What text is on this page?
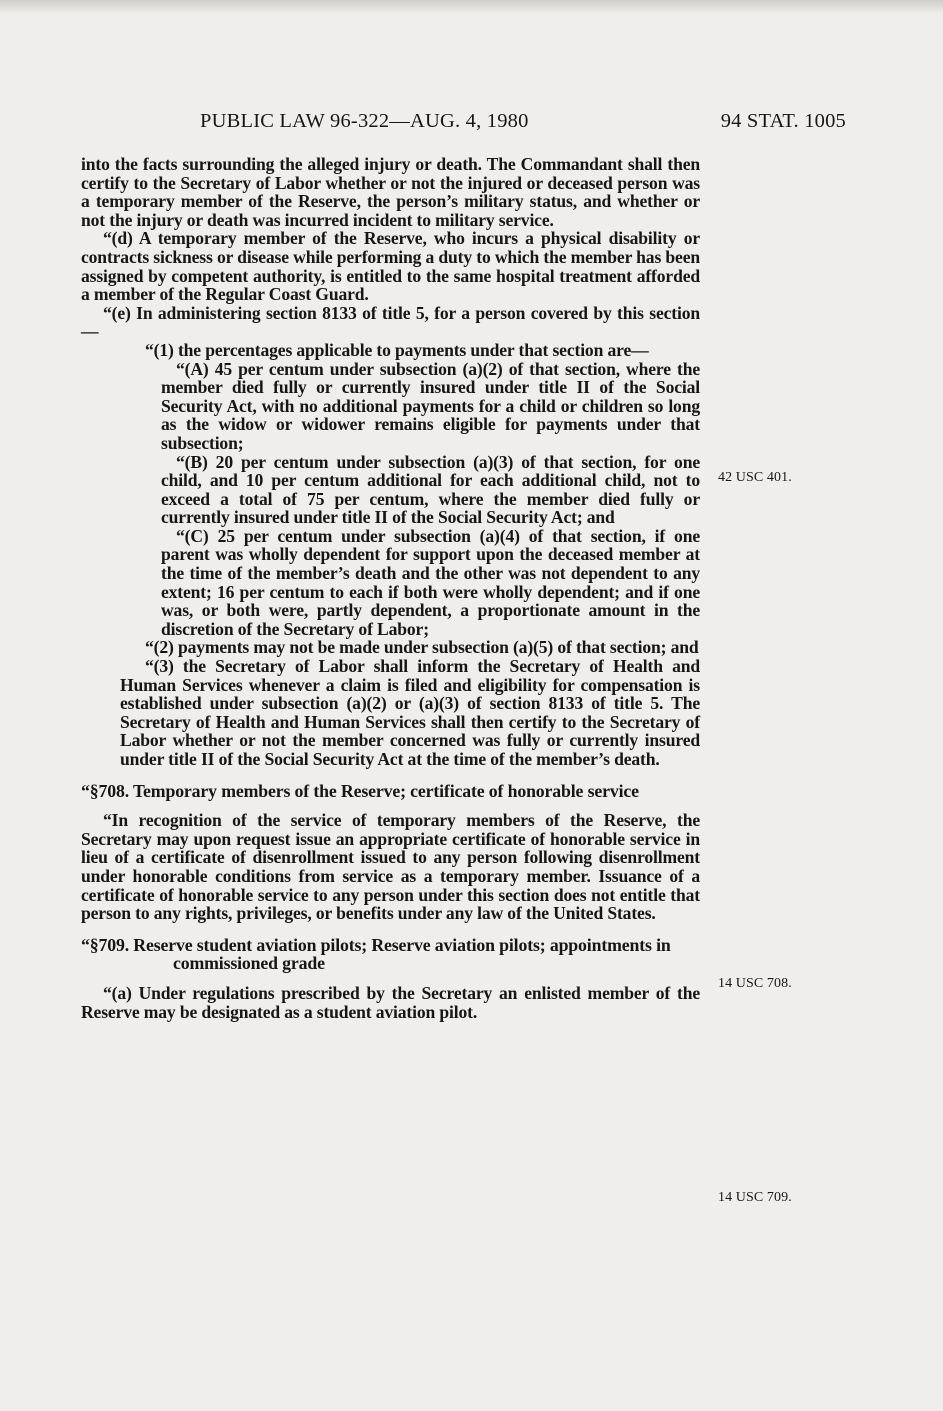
PUBLIC LAW 96-322—AUG. 4, 1980	94 STAT. 1005

into the facts surrounding the alleged injury or death. The Commandant shall then certify to the Secretary of Labor whether or not the injured or deceased person was a temporary member of the Reserve, the person’s military status, and whether or not the injury or death was incurred incident to military service.

“(d) A temporary member of the Reserve, who incurs a physical disability or contracts sickness or disease while performing a duty to which the member has been assigned by competent authority, is entitled to the same hospital treatment afforded a member of the Regular Coast Guard.

“(e) In administering section 8133 of title 5, for a person covered by this section—

“(1) the percentages applicable to payments under that section are—

“(A) 45 per centum under subsection (a)(2) of that section, where the member died fully or currently insured under title II of the Social Security Act, with no additional payments for a child or children so long as the widow or widower remains eligible for payments under that subsection;

“(B) 20 per centum under subsection (a)(3) of that section, for one child, and 10 per centum additional for each additional child, not to exceed a total of 75 per centum, where the member died fully or currently insured under title II of the Social Security Act; and

“(C) 25 per centum under subsection (a)(4) of that section, if one parent was wholly dependent for support upon the deceased member at the time of the member’s death and the other was not dependent to any extent; 16 per centum to each if both were wholly dependent; and if one was, or both were, partly dependent, a proportionate amount in the discretion of the Secretary of Labor;

“(2) payments may not be made under subsection (a)(5) of that section; and

“(3) the Secretary of Labor shall inform the Secretary of Health and Human Services whenever a claim is filed and eligibility for compensation is established under subsection (a)(2) or (a)(3) of section 8133 of title 5. The Secretary of Health and Human Services shall then certify to the Secretary of Labor whether or not the member concerned was fully or currently insured under title II of the Social Security Act at the time of the member’s death.

“§708. Temporary members of the Reserve; certificate of honorable service

“In recognition of the service of temporary members of the Reserve, the Secretary may upon request issue an appropriate certificate of honorable service in lieu of a certificate of disenrollment issued to any person following disenrollment under honorable conditions from service as a temporary member. Issuance of a certificate of honorable service to any person under this section does not entitle that person to any rights, privileges, or benefits under any law of the United States.

“§709. Reserve student aviation pilots; Reserve aviation pilots; appointments in commissioned grade

“(a) Under regulations prescribed by the Secretary an enlisted member of the Reserve may be designated as a student aviation pilot.

42 USC 401.
14 USC 708.
14 USC 709.
